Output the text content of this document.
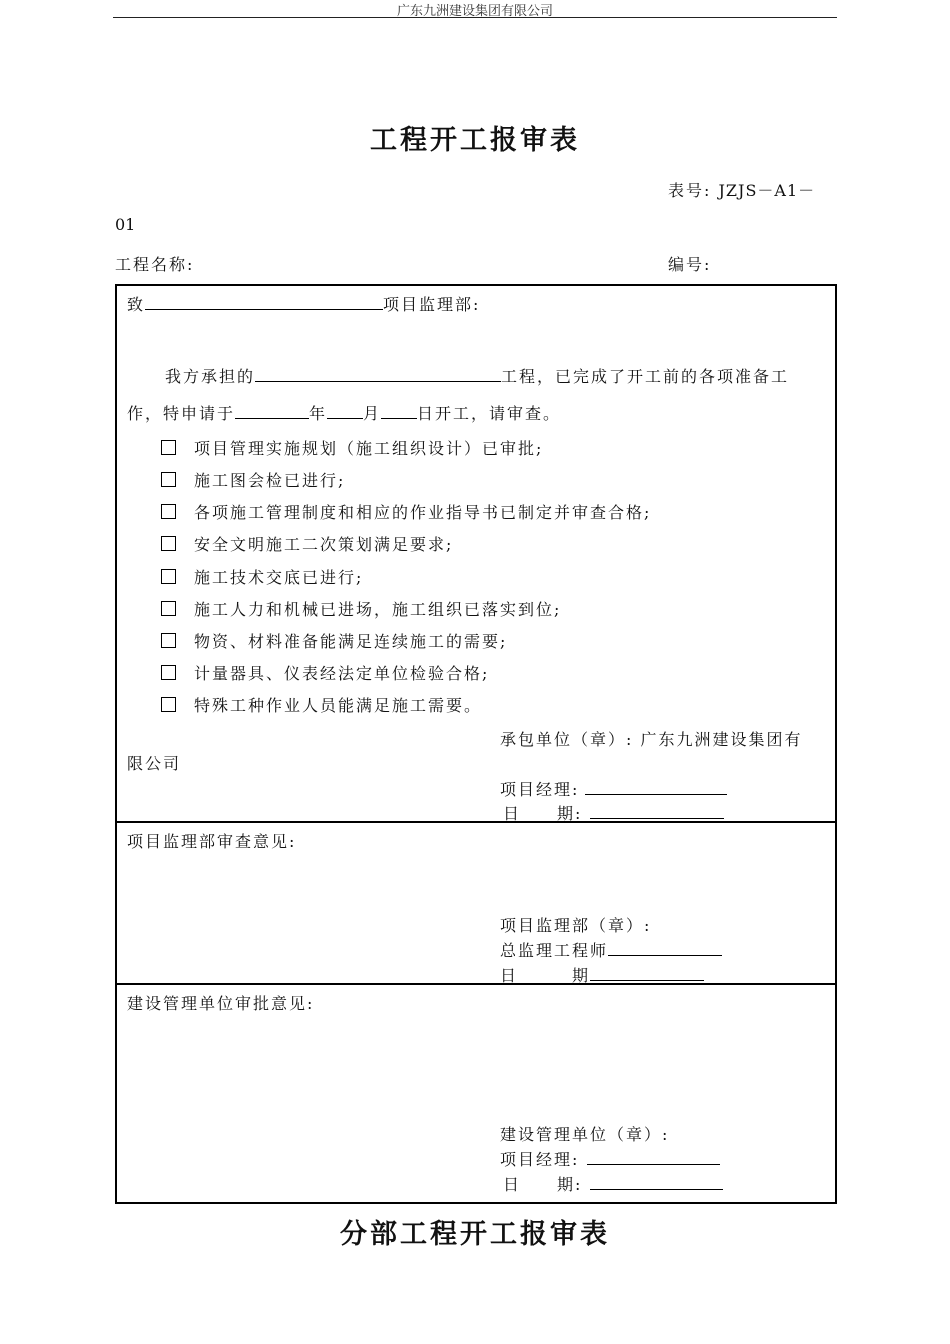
广东九洲建设集团有限公司
工程开工报审表
表号: JZJS－A1－
01
工程名称:	编号:
致	项目监理部:
我方承担的	工程，已完成了开工前的各项准备工
作，特申请于	年 月 日开工，请审查。
项目管理实施规划（施工组织设计）已审批;
施工图会检已进行;
各项施工管理制度和相应的作业指导书已制定并审查合格;
安全文明施工二次策划满足要求;
施工技术交底已进行;
施工人力和机械已进场，施工组织已落实到位;
物资、材料准备能满足连续施工的需要;
计量器具、仪表经法定单位检验合格;
特殊工种作业人员能满足施工需要。
承包单位（章）: 广东九洲建设集团有
限公司
项目经理:
日　　期:
项目监理部审查意见:
项目监理部（章）:
总监理工程师
日　　　期
建设管理单位审批意见:
建设管理单位（章）:
项目经理:
日　　期:
分部工程开工报审表
